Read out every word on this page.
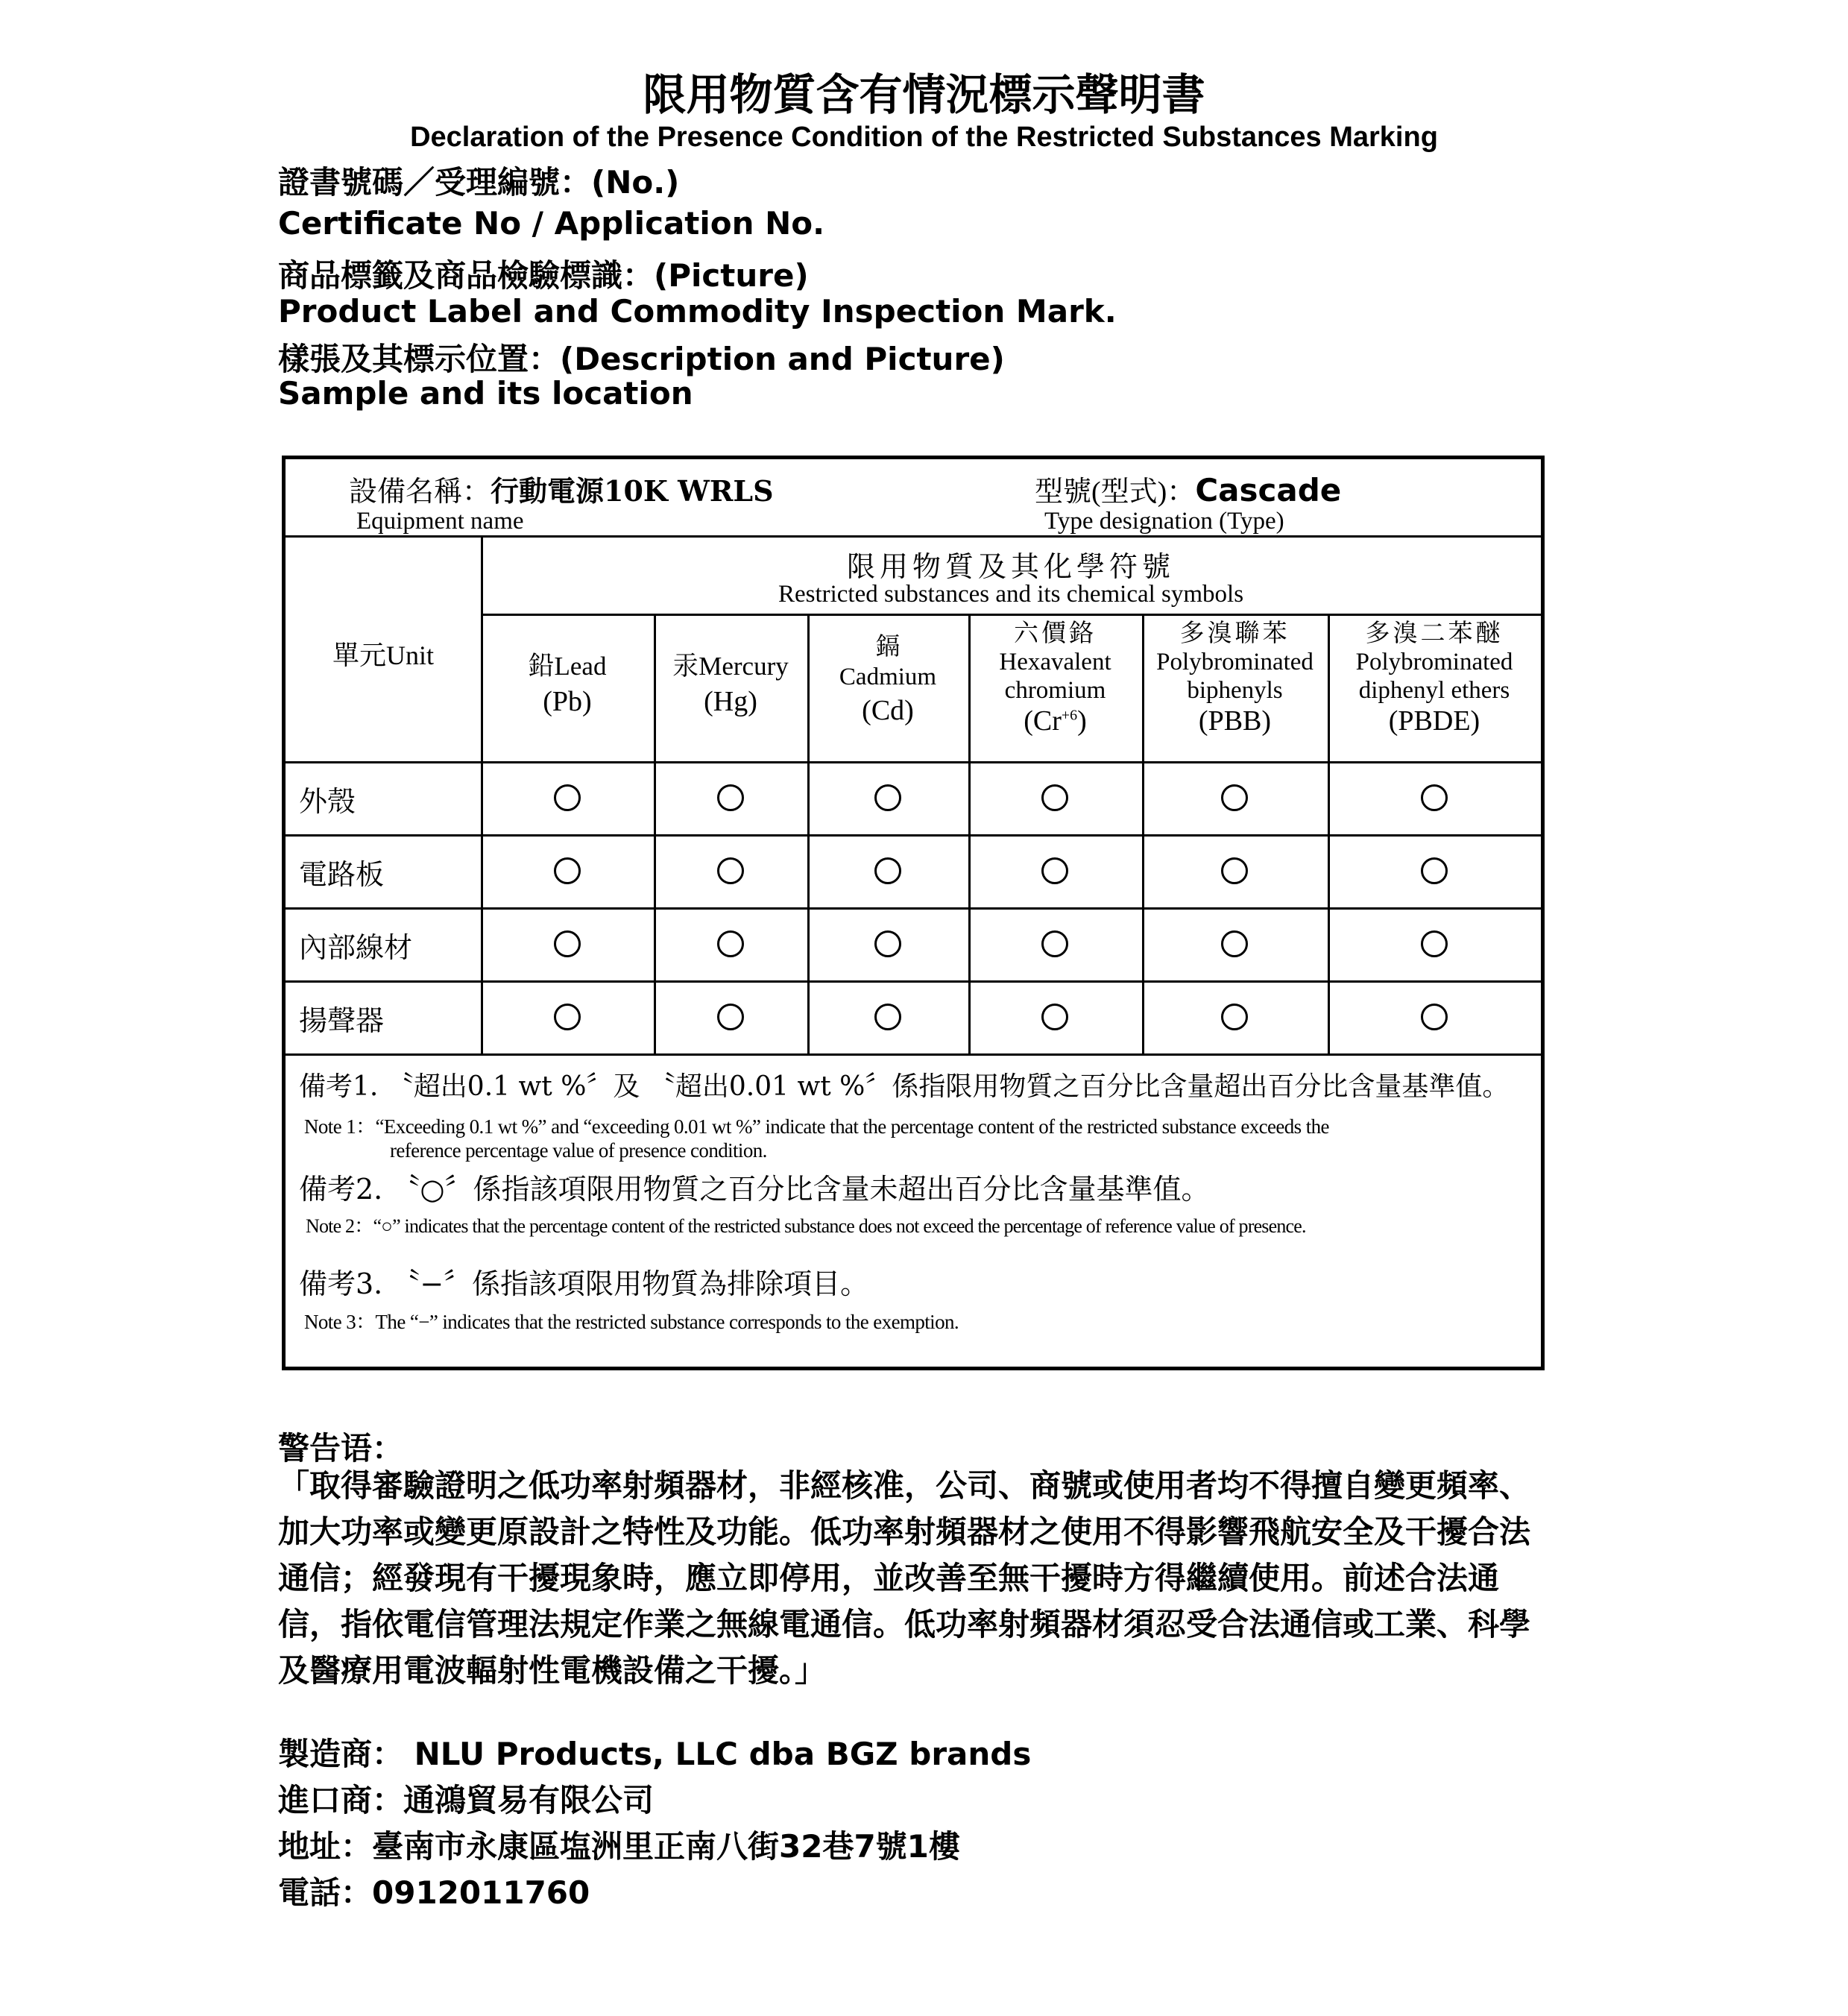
限用物質含有情況標示聲明書
Declaration of the Presence Condition of the Restricted Substances Marking
證書號碼／受理編號：(No.)
Certificate No / Application No.
商品標籤及商品檢驗標識：(Picture)
Product Label and Commodity Inspection Mark.
樣張及其標示位置：(Description and Picture)
Sample and its location
設備名稱：行動電源10K WRLS
Equipment name
型號(型式)：Cascade
Type designation (Type)
單元Unit
限用物質及其化學符號
Restricted substances and its chemical symbols
鉛Lead
(Pb)
汞Mercury
(Hg)
鎘
Cadmium
(Cd)
六價鉻
Hexavalent
chromium
$(Cr^{+6})$
多溴聯苯
Polybrominated
biphenyls
(PBB)
多溴二苯醚
Polybrominated
diphenyl ethers
(PBDE)
外殼
電路板
內部線材
揚聲器
備考1. 〝超出0.1 wt %〞及 〝超出0.01 wt %〞係指限用物質之百分比含量超出百分比含量基準值。
Note 1：“Exceeding 0.1 wt %” and “exceeding 0.01 wt %” indicate that the percentage content of the restricted substance exceeds the
reference percentage value of presence condition.
備考2. 〝○〞係指該項限用物質之百分比含量未超出百分比含量基準值。
Note 2：“○” indicates that the percentage content of the restricted substance does not exceed the percentage of reference value of presence.
備考3. 〝−〞係指該項限用物質為排除項目。
Note 3：The “−” indicates that the restricted substance corresponds to the exemption.
警告语：
「取得審驗證明之低功率射頻器材，非經核准，公司、商號或使用者均不得擅自變更頻率、加大功率或變更原設計之特性及功能。低功率射頻器材之使用不得影響飛航安全及干擾合法通信；經發現有干擾現象時，應立即停用，並改善至無干擾時方得繼續使用。前述合法通信，指依電信管理法規定作業之無線電通信。低功率射頻器材須忍受合法通信或工業、科學及醫療用電波輻射性電機設備之干擾。」
製造商： NLU Products, LLC dba BGZ brands
進口商：通鴻貿易有限公司
地址：臺南市永康區塩洲里正南八街32巷7號1樓
電話：0912011760
